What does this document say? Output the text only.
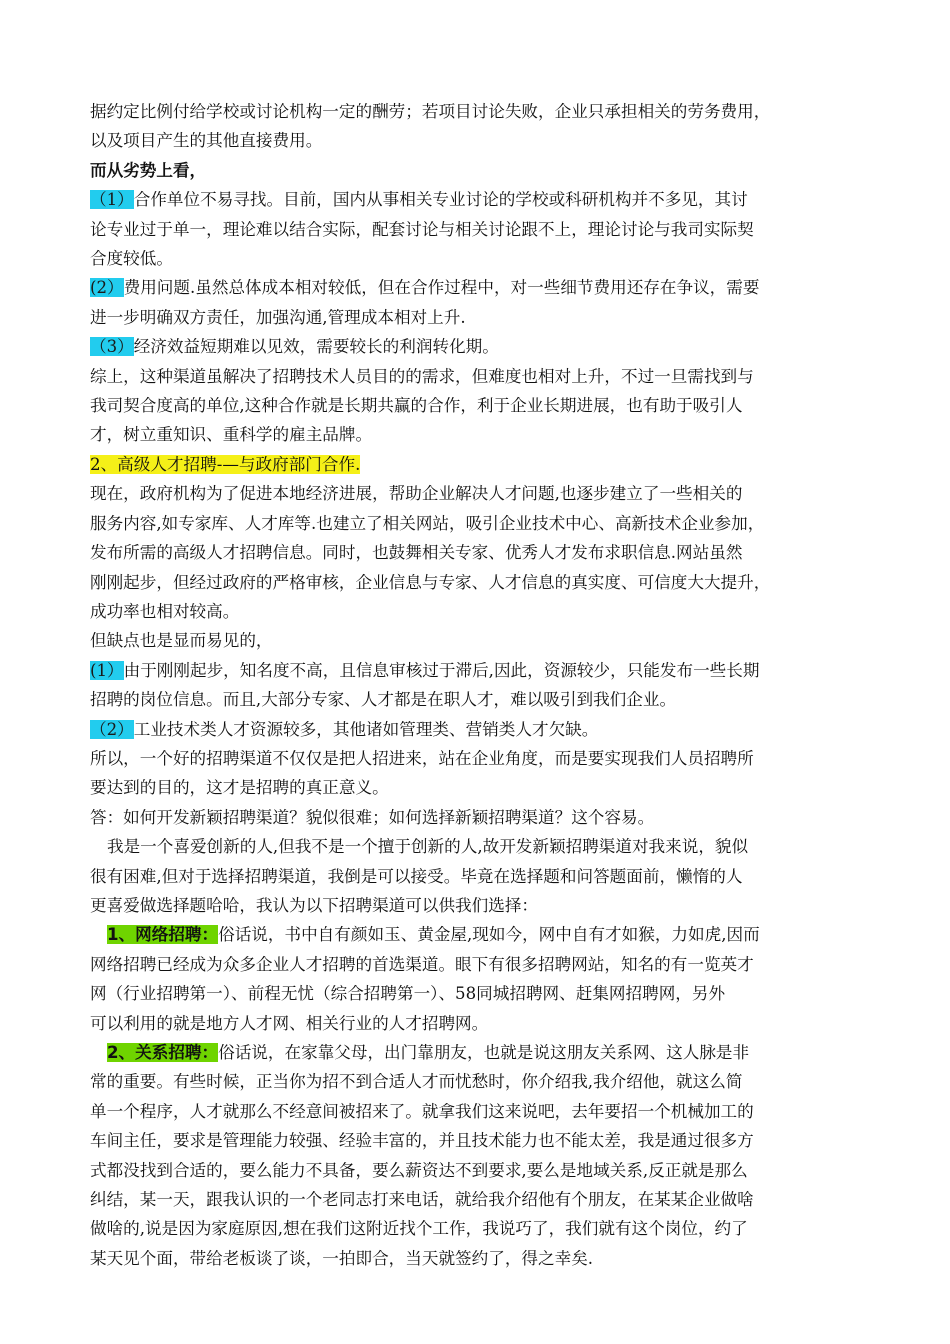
据约定比例付给学校或讨论机构一定的酬劳；若项目讨论失败，企业只承担相关的劳务费用，

以及项目产生的其他直接费用。

而从劣势上看，

（1）合作单位不易寻找。目前，国内从事相关专业讨论的学校或科研机构并不多见，其讨

论专业过于单一，理论难以结合实际，配套讨论与相关讨论跟不上，理论讨论与我司实际契

合度较低。

(2）费用问题.虽然总体成本相对较低，但在合作过程中，对一些细节费用还存在争议，需要

进一步明确双方责任，加强沟通,管理成本相对上升.

（3）经济效益短期难以见效，需要较长的利润转化期。

综上，这种渠道虽解决了招聘技术人员目的的需求，但难度也相对上升，不过一旦需找到与

我司契合度高的单位,这种合作就是长期共赢的合作，利于企业长期进展，也有助于吸引人

才，树立重知识、重科学的雇主品牌。

2、高级人才招聘-—与政府部门合作.

现在，政府机构为了促进本地经济进展，帮助企业解决人才问题,也逐步建立了一些相关的

服务内容,如专家库、人才库等.也建立了相关网站，吸引企业技术中心、高新技术企业参加，

发布所需的高级人才招聘信息。同时，也鼓舞相关专家、优秀人才发布求职信息.网站虽然

刚刚起步，但经过政府的严格审核，企业信息与专家、人才信息的真实度、可信度大大提升，

成功率也相对较高。

但缺点也是显而易见的，

(1）由于刚刚起步，知名度不高，且信息审核过于滞后,因此，资源较少，只能发布一些长期

招聘的岗位信息。而且,大部分专家、人才都是在职人才，难以吸引到我们企业。

（2）工业技术类人才资源较多，其他诸如管理类、营销类人才欠缺。

所以，一个好的招聘渠道不仅仅是把人招进来，站在企业角度，而是要实现我们人员招聘所

要达到的目的，这才是招聘的真正意义。

答：如何开发新颖招聘渠道？貌似很难；如何选择新颖招聘渠道？这个容易。

我是一个喜爱创新的人,但我不是一个擅于创新的人,故开发新颖招聘渠道对我来说，貌似

很有困难,但对于选择招聘渠道，我倒是可以接受。毕竟在选择题和问答题面前，懒惰的人

更喜爱做选择题哈哈，我认为以下招聘渠道可以供我们选择：

1、网络招聘：俗话说，书中自有颜如玉、黄金屋,现如今，网中自有才如猴，力如虎,因而

网络招聘已经成为众多企业人才招聘的首选渠道。眼下有很多招聘网站，知名的有一览英才

网（行业招聘第一）、前程无忧（综合招聘第一）、58同城招聘网、赶集网招聘网，另外

可以利用的就是地方人才网、相关行业的人才招聘网。

2、关系招聘：俗话说，在家靠父母，出门靠朋友，也就是说这朋友关系网、这人脉是非

常的重要。有些时候，正当你为招不到合适人才而忧愁时，你介绍我,我介绍他，就这么简

单一个程序，人才就那么不经意间被招来了。就拿我们这来说吧，去年要招一个机械加工的

车间主任，要求是管理能力较强、经验丰富的，并且技术能力也不能太差，我是通过很多方

式都没找到合适的，要么能力不具备，要么薪资达不到要求,要么是地域关系,反正就是那么

纠结，某一天，跟我认识的一个老同志打来电话，就给我介绍他有个朋友，在某某企业做啥

做啥的,说是因为家庭原因,想在我们这附近找个工作，我说巧了，我们就有这个岗位，约了

某天见个面，带给老板谈了谈，一拍即合，当天就签约了，得之幸矣.
